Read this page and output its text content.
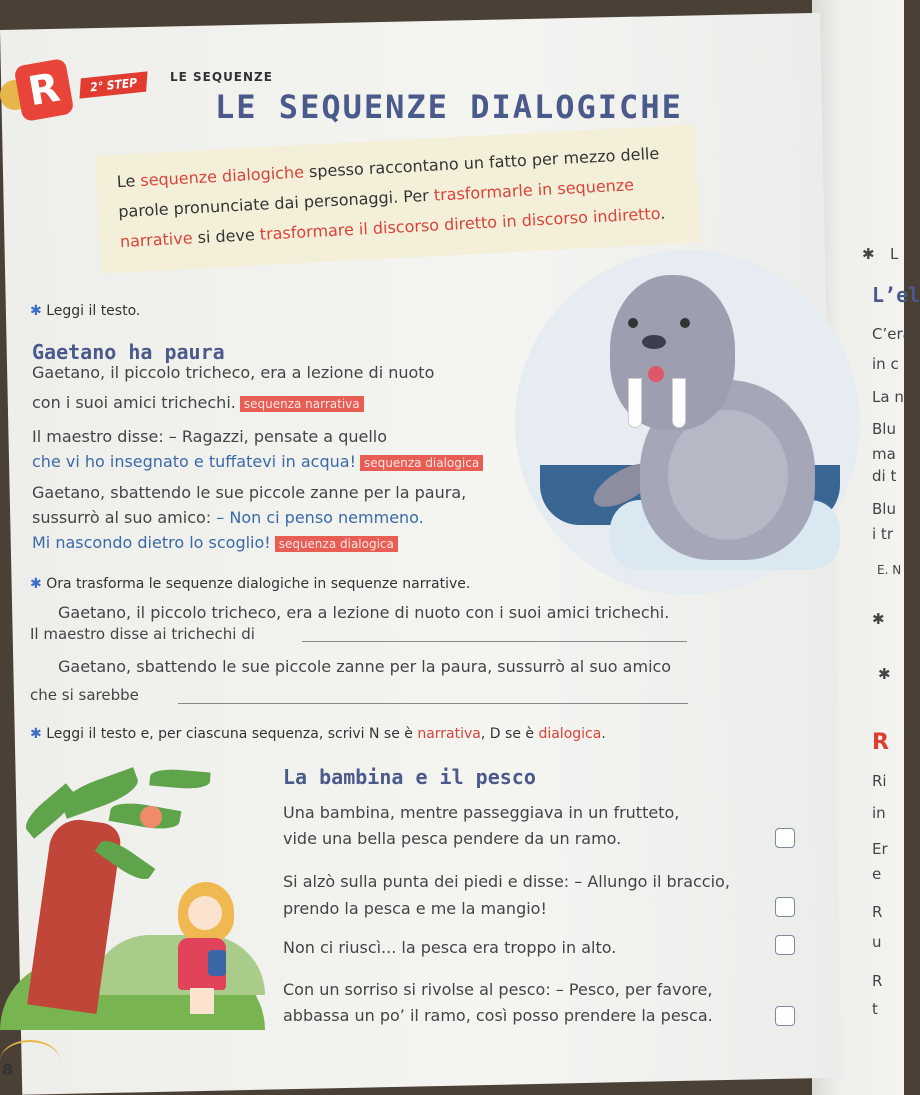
✱ L
L’el
C’era
in c
La n
Blu
ma
di t
Blu
i tr
E. N
✱
✱
R
Ri
in
Er
e
R
u
R
t
R	2° STEP	LE SEQUENZE
LE SEQUENZE DIALOGICHE
Le sequenze dialogiche spesso raccontano un fatto per mezzo delle parole pronunciate dai personaggi. Per trasformarle in sequenze narrative si deve trasformare il discorso diretto in discorso indiretto.
✱ Leggi il testo.
Gaetano ha paura
Gaetano, il piccolo tricheco, era a lezione di nuoto
con i suoi amici trichechi. sequenza narrativa
Il maestro disse: – Ragazzi, pensate a quello
che vi ho insegnato e tuffatevi in acqua! sequenza dialogica
Gaetano, sbattendo le sue piccole zanne per la paura,
sussurrò al suo amico: – Non ci penso nemmeno.
Mi nascondo dietro lo scoglio! sequenza dialogica
✱ Ora trasforma le sequenze dialogiche in sequenze narrative.
Gaetano, il piccolo tricheco, era a lezione di nuoto con i suoi amici trichechi.
Il maestro disse ai trichechi di
Gaetano, sbattendo le sue piccole zanne per la paura, sussurrò al suo amico
che si sarebbe
✱ Leggi il testo e, per ciascuna sequenza, scrivi N se è narrativa, D se è dialogica.
La bambina e il pesco
Una bambina, mentre passeggiava in un frutteto,
vide una bella pesca pendere da un ramo.
Si alzò sulla punta dei piedi e disse: – Allungo il braccio,
prendo la pesca e me la mangio!
Non ci riuscì... la pesca era troppo in alto.
Con un sorriso si rivolse al pesco: – Pesco, per favore,
abbassa un po’ il ramo, così posso prendere la pesca.
8
